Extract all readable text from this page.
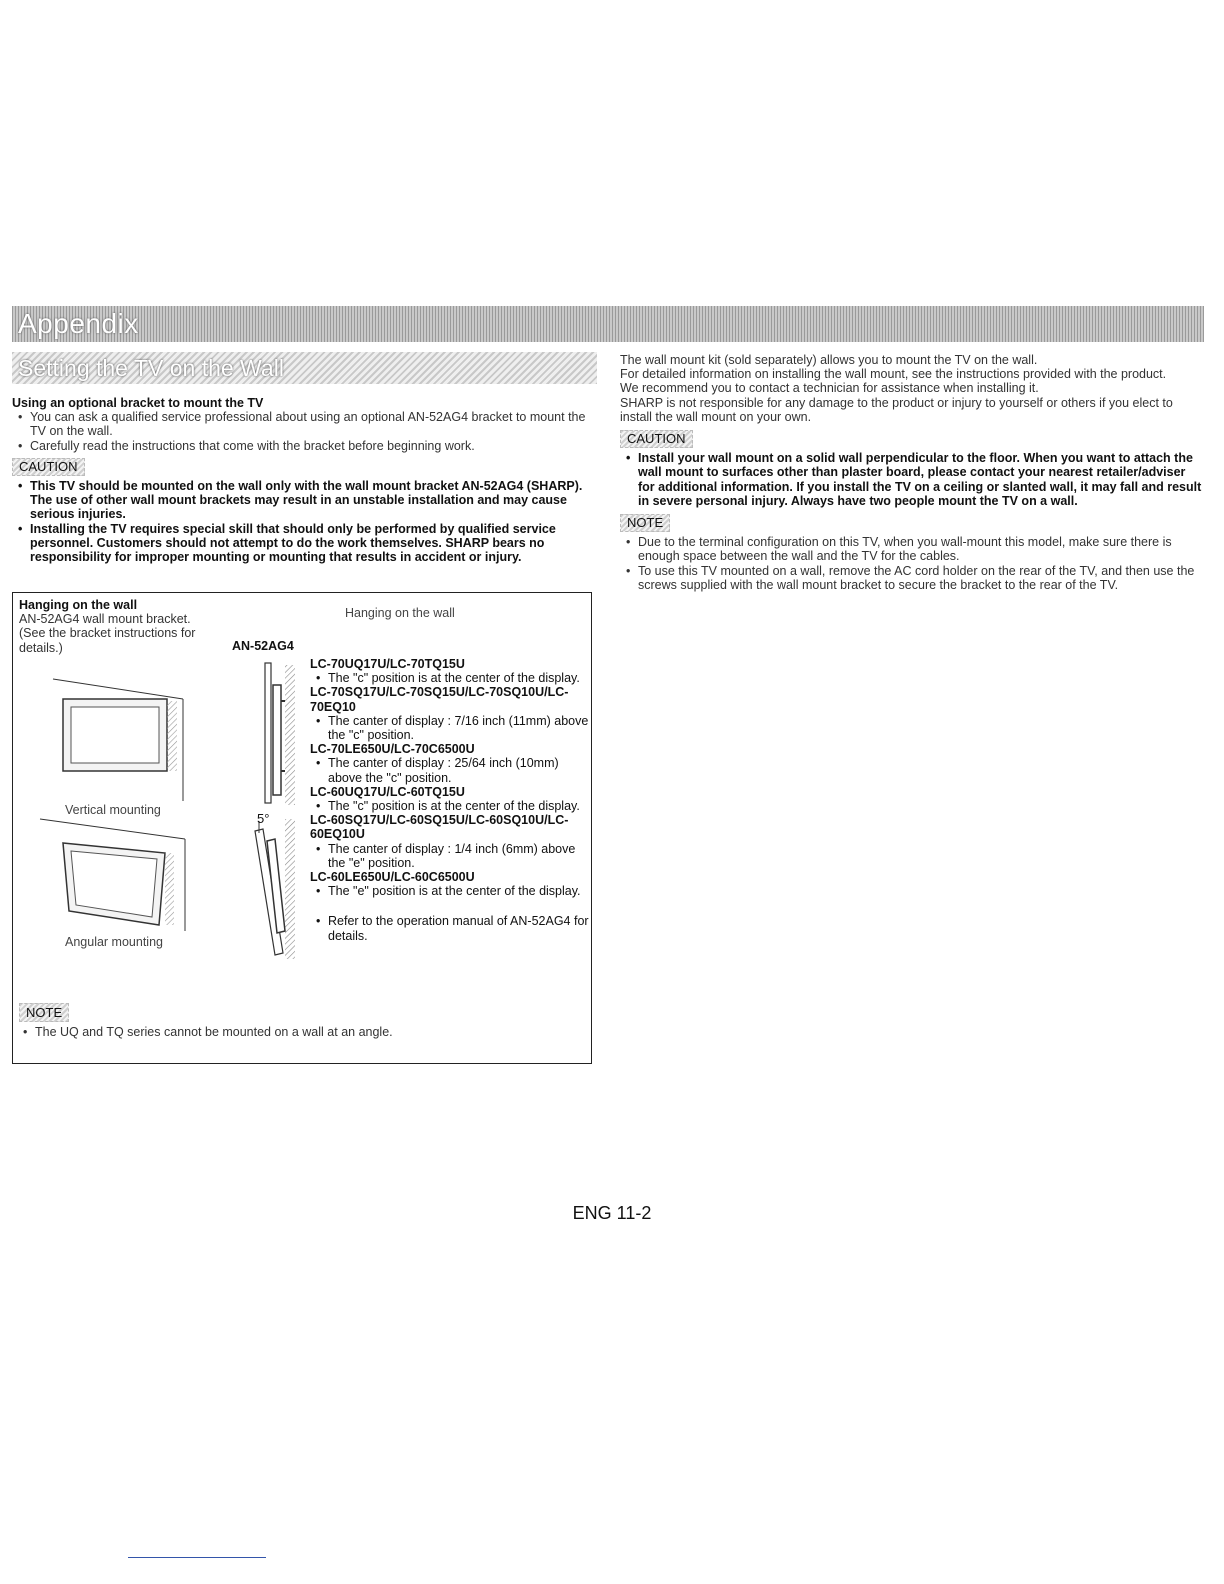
Appendix
Setting the TV on the Wall
Using an optional bracket to mount the TV
• You can ask a qualified service professional about using an optional AN-52AG4 bracket to mount the TV on the wall.
• Carefully read the instructions that come with the bracket before beginning work.
CAUTION
• This TV should be mounted on the wall only with the wall mount bracket AN-52AG4 (SHARP). The use of other wall mount brackets may result in an unstable installation and may cause serious injuries.
• Installing the TV requires special skill that should only be performed by qualified service personnel. Customers should not attempt to do the work themselves. SHARP bears no responsibility for improper mounting or mounting that results in accident or injury.
Hanging on the wall
AN-52AG4 wall mount bracket. (See the bracket instructions for details.)
Hanging on the wall
AN-52AG4
Vertical mounting
Angular mounting
5°
LC-70UQ17U/LC-70TQ15U
• The "c" position is at the center of the display.
LC-70SQ17U/LC-70SQ15U/LC-70SQ10U/LC-70EQ10
• The canter of display : 7/16 inch (11mm) above the "c" position.
LC-70LE650U/LC-70C6500U
• The canter of display : 25/64 inch (10mm) above the "c" position.
LC-60UQ17U/LC-60TQ15U
• The "c" position is at the center of the display.
LC-60SQ17U/LC-60SQ15U/LC-60SQ10U/LC-60EQ10U
• The canter of display : 1/4 inch (6mm) above the "e" position.
LC-60LE650U/LC-60C6500U
• The "e" position is at the center of the display.
• Refer to the operation manual of AN-52AG4 for details.
NOTE
• The UQ and TQ series cannot be mounted on a wall at an angle.
The wall mount kit (sold separately) allows you to mount the TV on the wall.
For detailed information on installing the wall mount, see the instructions provided with the product.
We recommend you to contact a technician for assistance when installing it.
SHARP is not responsible for any damage to the product or injury to yourself or others if you elect to install the wall mount on your own.
CAUTION
• Install your wall mount on a solid wall perpendicular to the floor. When you want to attach the wall mount to surfaces other than plaster board, please contact your nearest retailer/adviser for additional information. If you install the TV on a ceiling or slanted wall, it may fall and result in severe personal injury. Always have two people mount the TV on a wall.
NOTE
• Due to the terminal configuration on this TV, when you wall-mount this model, make sure there is enough space between the wall and the TV for the cables.
• To use this TV mounted on a wall, remove the AC cord holder on the rear of the TV, and then use the screws supplied with the wall mount bracket to secure the bracket to the rear of the TV.
ENG 11-2
